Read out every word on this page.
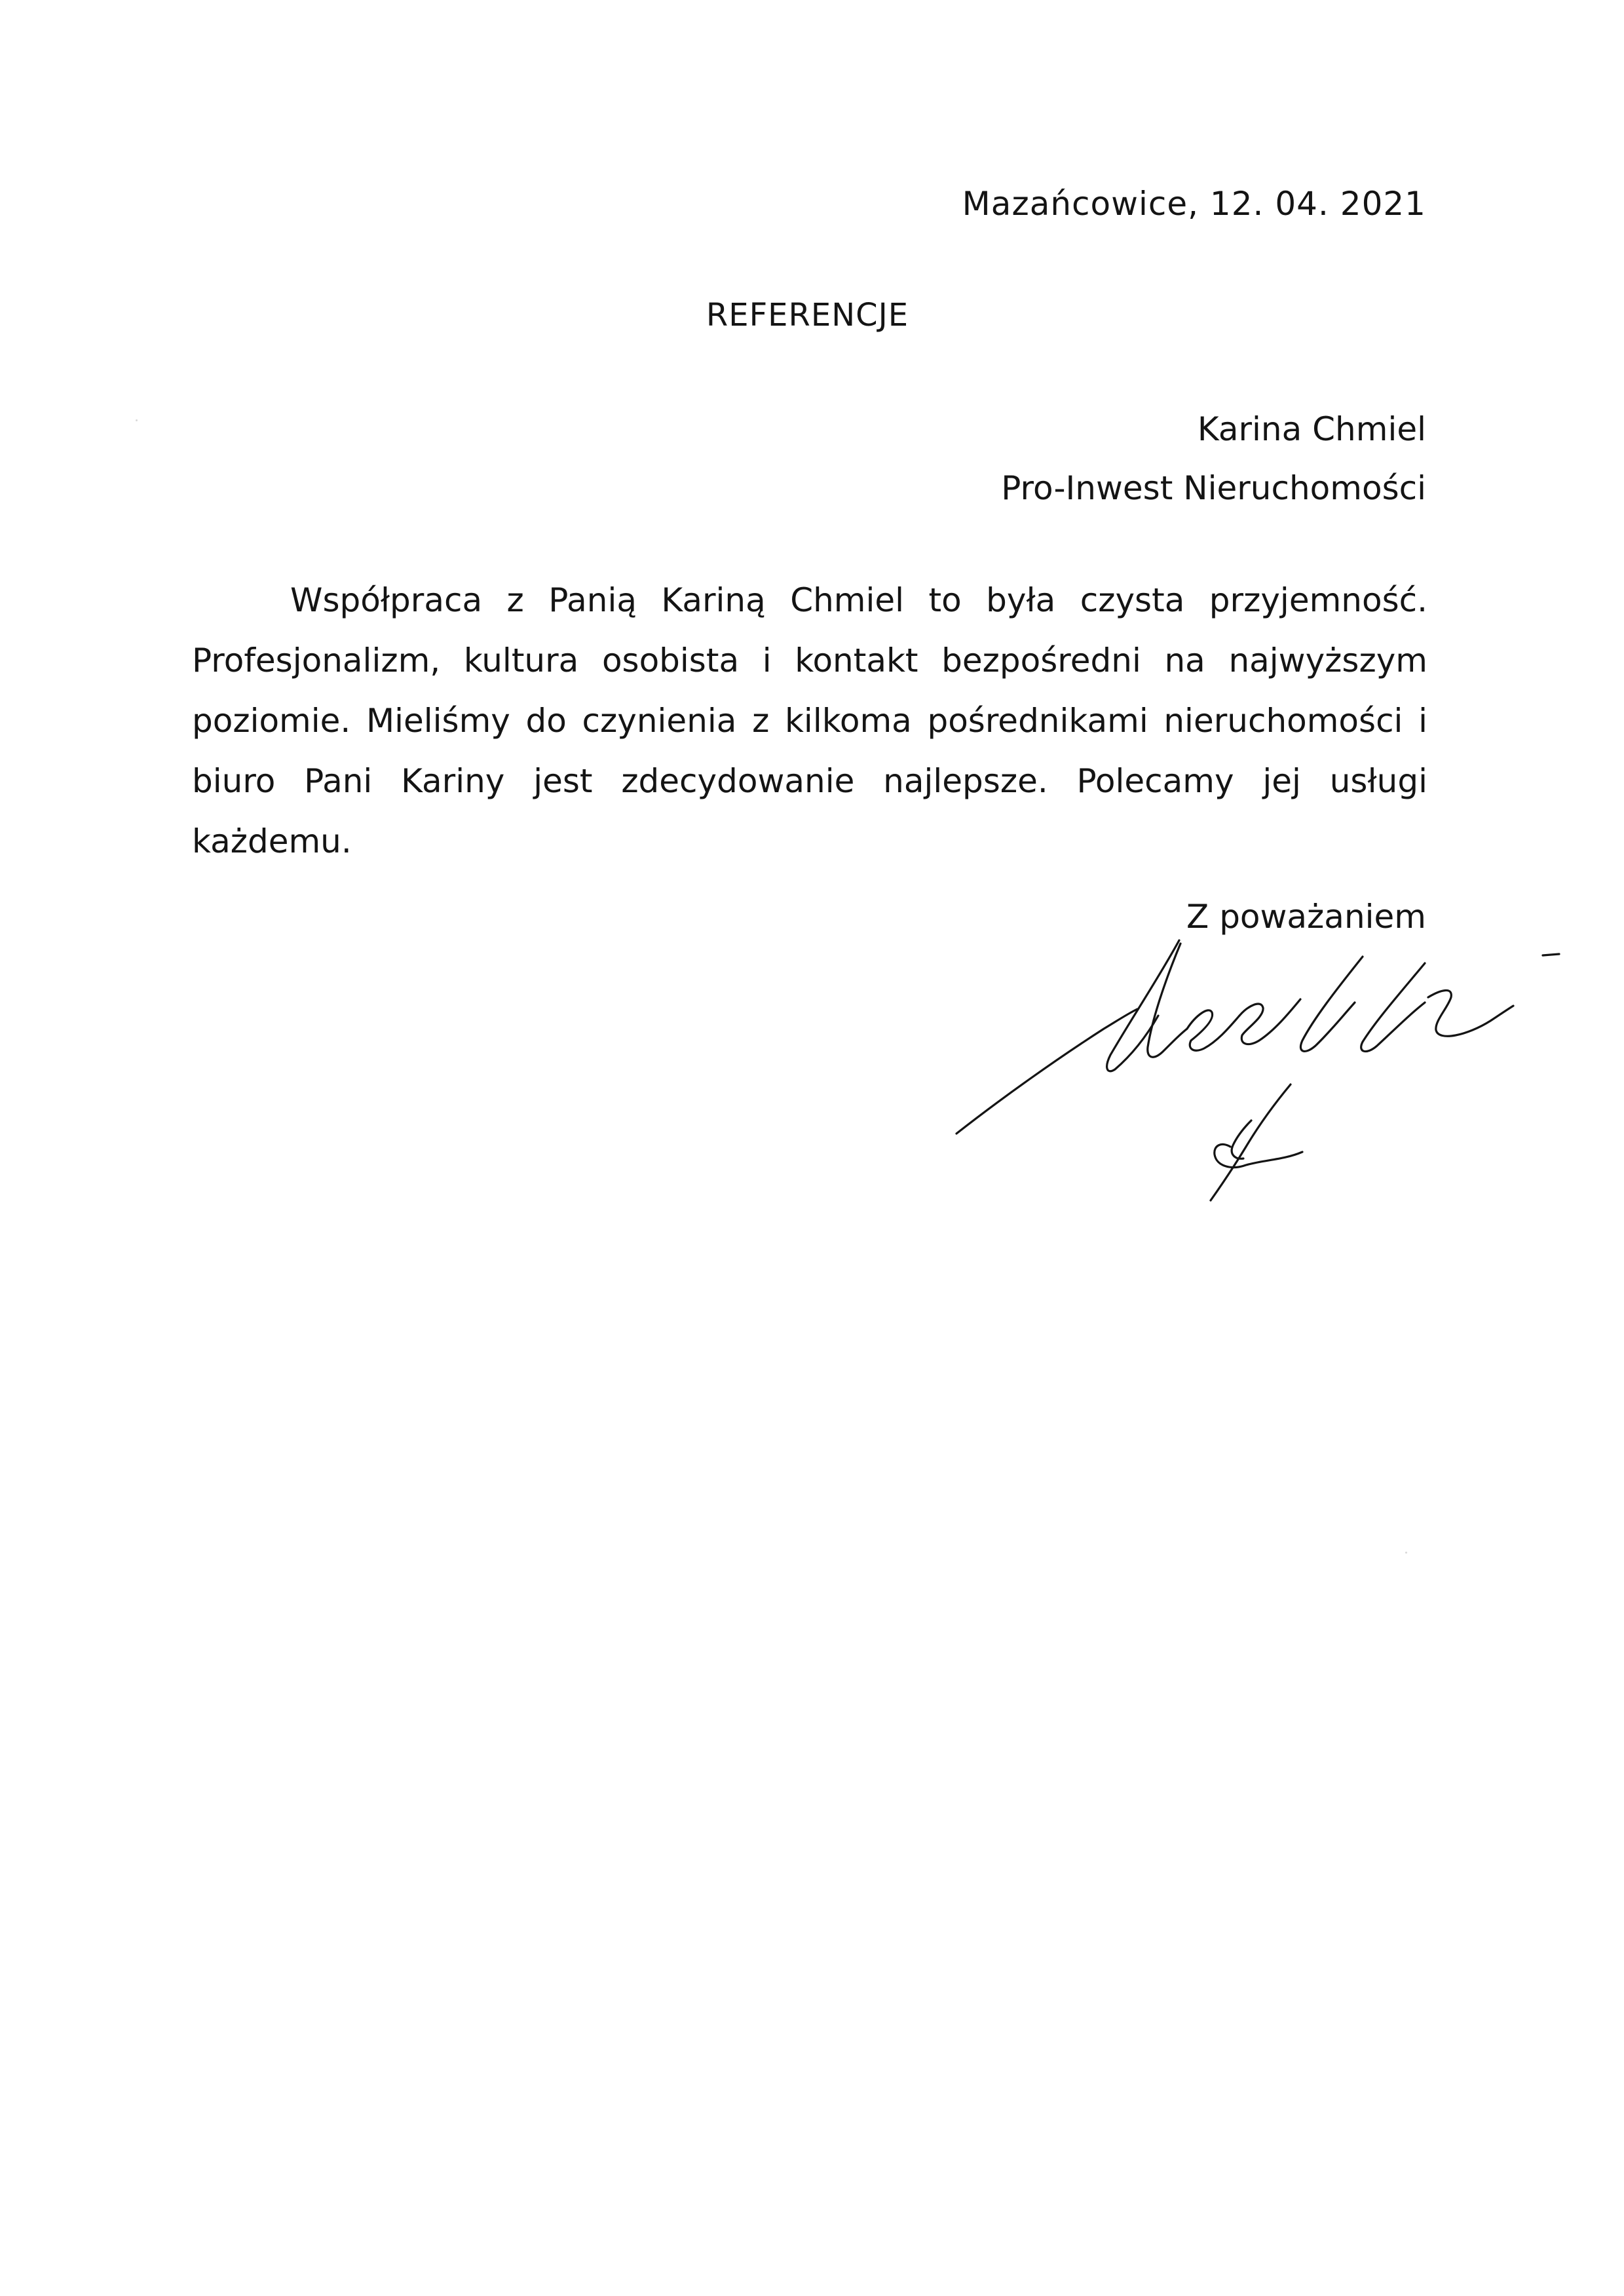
Mazańcowice, 12. 04. 2021
REFERENCJE
Karina Chmiel
Pro-Inwest Nieruchomości
Współpraca z Panią Kariną Chmiel to była czysta przyjemność. Profesjonalizm, kultura osobista i kontakt bezpośredni na najwyższym poziomie. Mieliśmy do czynienia z kilkoma pośrednikami nieruchomości i biuro Pani Kariny jest zdecydowanie najlepsze. Polecamy jej usługi każdemu.
Z poważaniem
